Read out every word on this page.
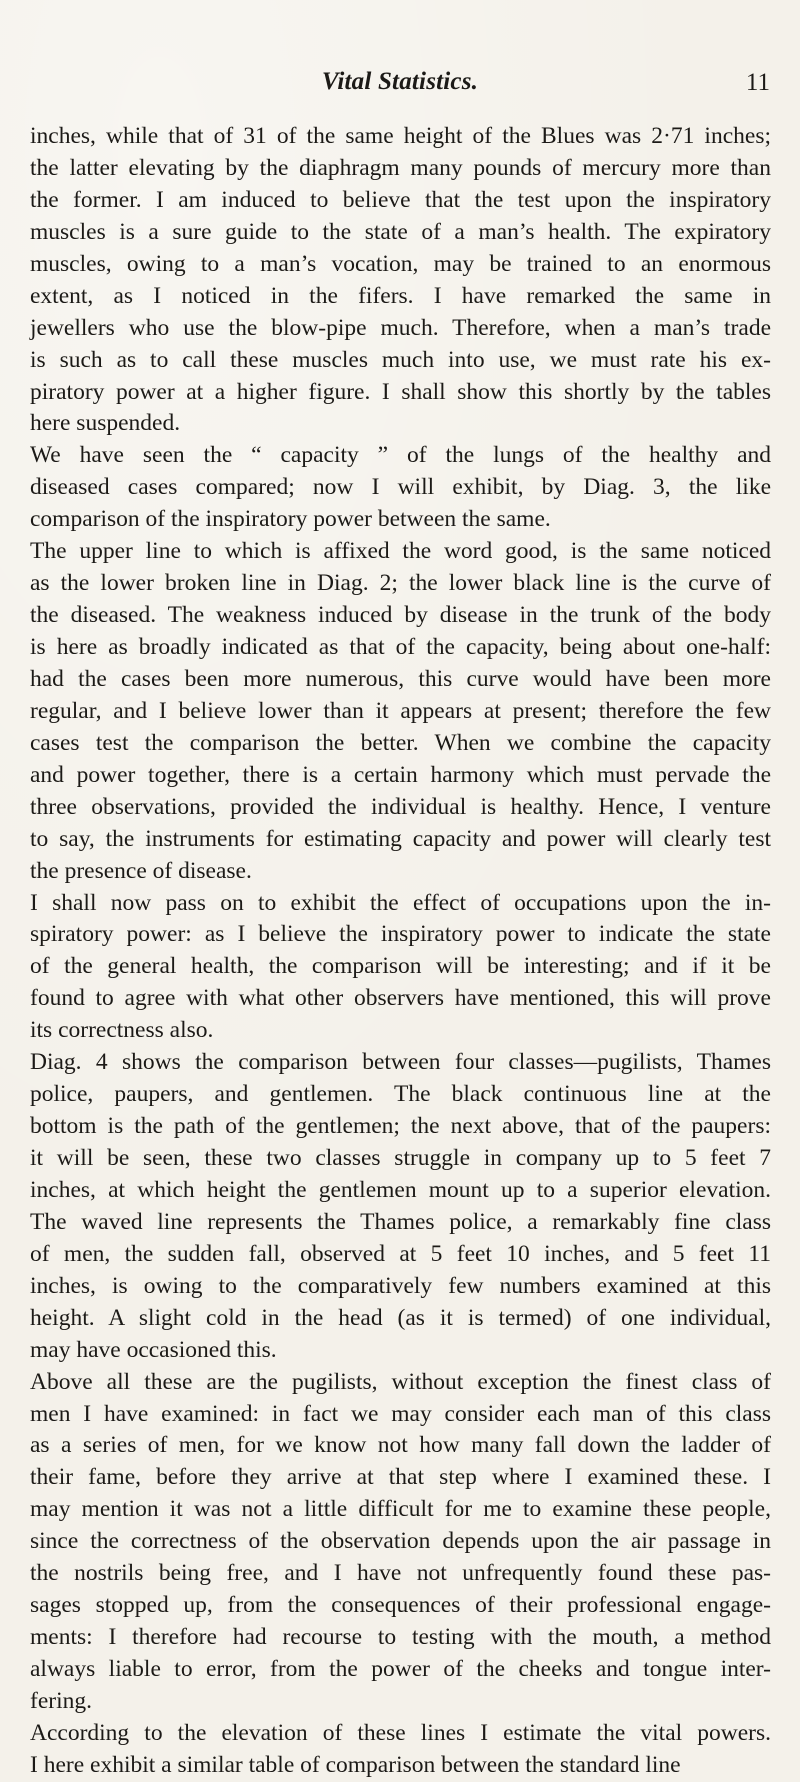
Vital Statistics.	11
inches, while that of 31 of the same height of the Blues was 2·71 inches;
the latter elevating by the diaphragm many pounds of mercury more than
the former. I am induced to believe that the test upon the inspiratory
muscles is a sure guide to the state of a man’s health. The expiratory
muscles, owing to a man’s vocation, may be trained to an enormous
extent, as I noticed in the fifers. I have remarked the same in
jewellers who use the blow-pipe much. Therefore, when a man’s trade
is such as to call these muscles much into use, we must rate his ex-
piratory power at a higher figure. I shall show this shortly by the tables
here suspended.
We have seen the “ capacity ” of the lungs of the healthy and
diseased cases compared; now I will exhibit, by Diag. 3, the like
comparison of the inspiratory power between the same.
The upper line to which is affixed the word good, is the same noticed
as the lower broken line in Diag. 2; the lower black line is the curve of
the diseased. The weakness induced by disease in the trunk of the body
is here as broadly indicated as that of the capacity, being about one-half:
had the cases been more numerous, this curve would have been more
regular, and I believe lower than it appears at present; therefore the few
cases test the comparison the better. When we combine the capacity
and power together, there is a certain harmony which must pervade the
three observations, provided the individual is healthy. Hence, I venture
to say, the instruments for estimating capacity and power will clearly test
the presence of disease.
I shall now pass on to exhibit the effect of occupations upon the in-
spiratory power: as I believe the inspiratory power to indicate the state
of the general health, the comparison will be interesting; and if it be
found to agree with what other observers have mentioned, this will prove
its correctness also.
Diag. 4 shows the comparison between four classes—pugilists, Thames
police, paupers, and gentlemen. The black continuous line at the
bottom is the path of the gentlemen; the next above, that of the paupers:
it will be seen, these two classes struggle in company up to 5 feet 7
inches, at which height the gentlemen mount up to a superior elevation.
The waved line represents the Thames police, a remarkably fine class
of men, the sudden fall, observed at 5 feet 10 inches, and 5 feet 11
inches, is owing to the comparatively few numbers examined at this
height. A slight cold in the head (as it is termed) of one individual,
may have occasioned this.
Above all these are the pugilists, without exception the finest class of
men I have examined: in fact we may consider each man of this class
as a series of men, for we know not how many fall down the ladder of
their fame, before they arrive at that step where I examined these. I
may mention it was not a little difficult for me to examine these people,
since the correctness of the observation depends upon the air passage in
the nostrils being free, and I have not unfrequently found these pas-
sages stopped up, from the consequences of their professional engage-
ments: I therefore had recourse to testing with the mouth, a method
always liable to error, from the power of the cheeks and tongue inter-
fering.
According to the elevation of these lines I estimate the vital powers.
I here exhibit a similar table of comparison between the standard line
